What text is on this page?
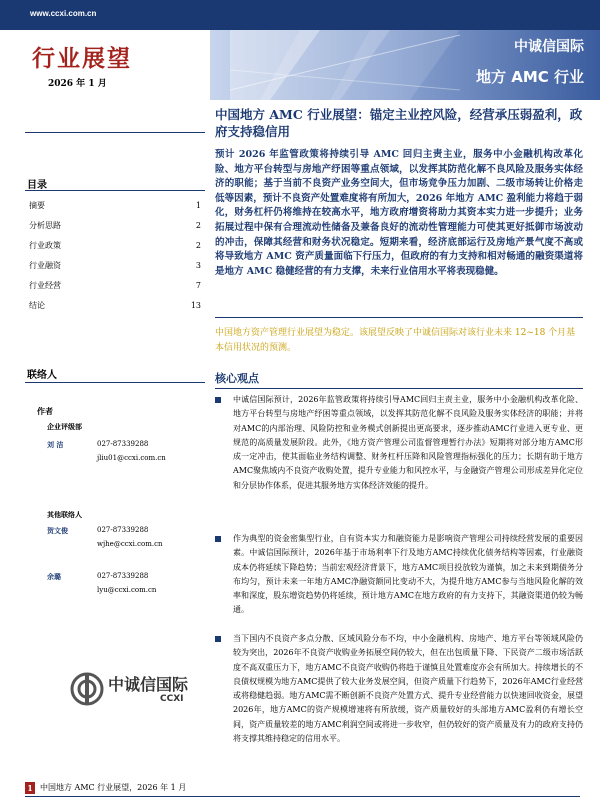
www.ccxi.com.cn
中诚信国际
地方 AMC 行业
行业展望
2026 年 1 月
目录
摘要	1
分析思路	2
行业政策	2
行业融资	3
行业经营	7
结论	13
联络人
作者
企业评级部
刘 洁	027-87339288
jliu01@ccxi.com.cn
其他联络人
贺文俊	027-87339288
wjhe@ccxi.com.cn
余璐	027-87339288
lyu@ccxi.com.cn
中诚信国际
CCXI
中国地方 AMC 行业展望：锚定主业控风险，经营承压弱盈利，政府支持稳信用
预计 2026 年监管政策将持续引导 AMC 回归主责主业，服务中小金融机构改革化险、地方平台转型与房地产纾困等重点领域，以发挥其防范化解不良风险及服务实体经济的职能；基于当前不良资产业务空间大，但市场竞争压力加剧、二级市场转让价格走低等因素，预计不良资产处置难度将有所加大，2026 年地方 AMC 盈利能力将趋于弱化，财务杠杆仍将维持在较高水平，地方政府增资将助力其资本实力进一步提升；业务拓展过程中保有合理流动性储备及兼备良好的流动性管理能力可使其更好抵御市场波动的冲击，保障其经营和财务状况稳定。短期来看，经济底部运行及房地产景气度不高或将导致地方 AMC 资产质量面临下行压力，但政府的有力支持和相对畅通的融资渠道将是地方 AMC 稳健经营的有力支撑，未来行业信用水平将表现稳健。
中国地方资产管理行业展望为稳定。该展望反映了中诚信国际对该行业未来 12~18 个月基本信用状况的预测。
核心观点
中诚信国际预计，2026年监管政策将持续引导AMC回归主责主业，服务中小金融机构改革化险、地方平台转型与房地产纾困等重点领域，以发挥其防范化解不良风险及服务实体经济的职能；并将对AMC的内部治理、风险防控和业务模式创新提出更高要求，逐步推动AMC行业进入更专业、更规范的高质量发展阶段。此外，《地方资产管理公司监督管理暂行办法》短期将对部分地方AMC形成一定冲击，使其面临业务结构调整、财务杠杆压降和风险管理指标强化的压力；长期有助于地方AMC聚焦域内不良资产收购处置，提升专业能力和风控水平，与金融资产管理公司形成差异化定位和分层协作体系，促进其服务地方实体经济效能的提升。
作为典型的资金密集型行业，自有资本实力和融资能力是影响资产管理公司持续经营发展的重要因素。中诚信国际预计，2026年基于市场利率下行及地方AMC持续优化债务结构等因素，行业融资成本仍将延续下降趋势；当前宏观经济背景下，地方AMC项目投放较为谨慎，加之未来到期债务分布均匀，预计未来一年地方AMC净融资额同比变动不大，为提升地方AMC参与当地风险化解的效率和深度，股东增资趋势仍将延续，预计地方AMC在地方政府的有力支持下，其融资渠道仍较为畅通。
当下国内不良资产多点分散、区域风险分布不均，中小金融机构、房地产、地方平台等领域风险仍较为突出，2026年不良资产收购业务拓展空间仍较大，但在出包质量下降、下民资产二级市场活跃度不高双重压力下，地方AMC不良资产收购仍将趋于谨慎且处置难度亦会有所加大。持续增长的不良债权规模为地方AMC提供了较大业务发展空间，但资产质量下行趋势下，2026年AMC行业经营或将稳健趋弱。地方AMC需不断创新不良资产处置方式、提升专业经营能力以快速回收资金，展望2026年，地方AMC的资产规模增速将有所放缓，资产质量较好的头部地方AMC盈利仍有增长空间，资产质量较差的地方AMC利润空间或将进一步收窄，但仍较好的资产质量及有力的政府支持仍将支撑其维持稳定的信用水平。
1 中国地方 AMC 行业展望，2026 年 1 月
